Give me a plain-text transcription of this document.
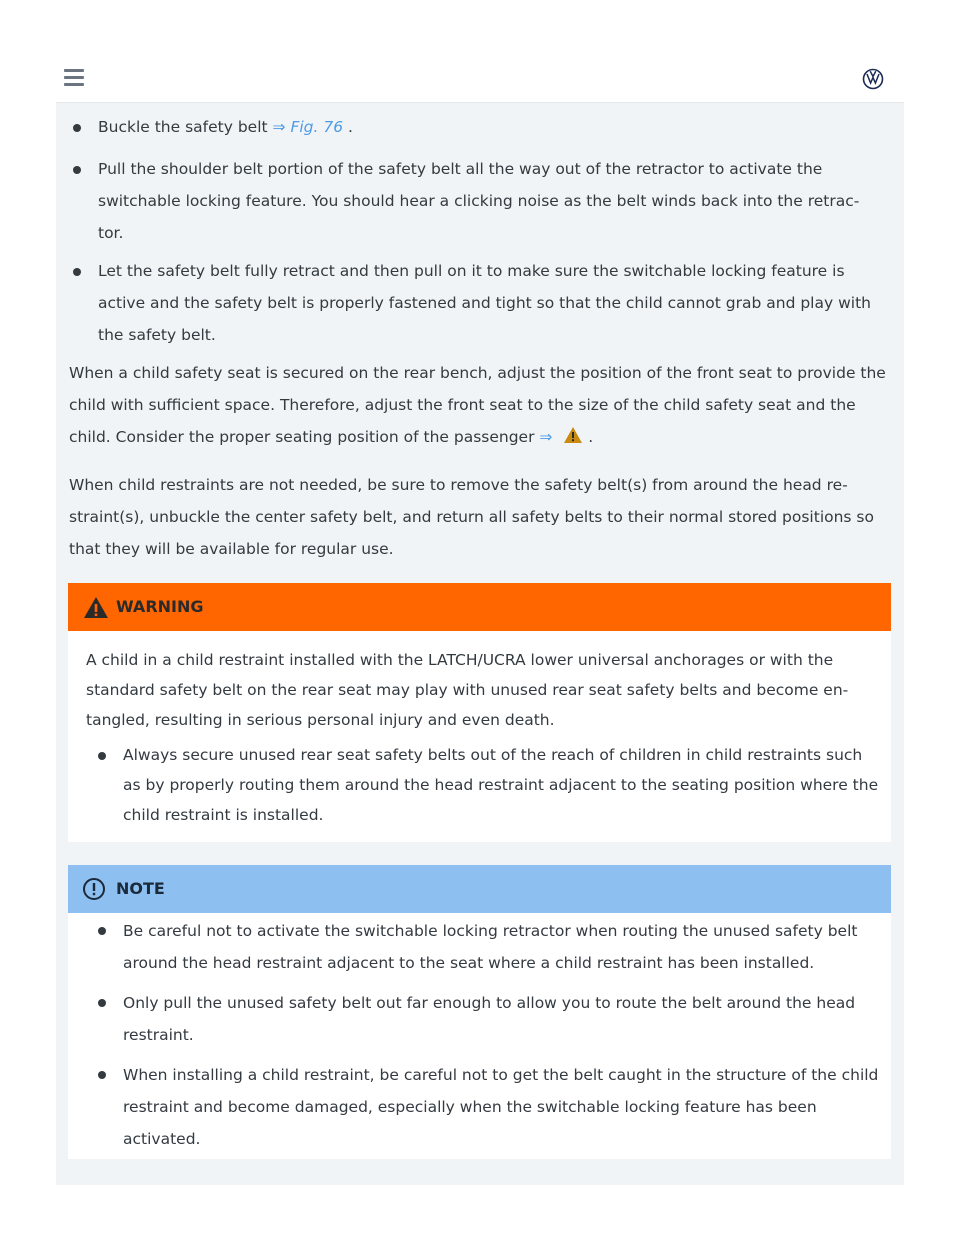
Buckle the safety belt ⇒ Fig. 76 .
Pull the shoulder belt portion of the safety belt all the way out of the retractor to activate the switchable locking feature. You should hear a clicking noise as the belt winds back into the retrac-tor.
Let the safety belt fully retract and then pull on it to make sure the switchable locking feature is active and the safety belt is properly fastened and tight so that the child cannot grab and play with the safety belt.
When a child safety seat is secured on the rear bench, adjust the position of the front seat to provide the child with sufficient space. Therefore, adjust the front seat to the size of the child safety seat and the child. Consider the proper seating position of the passenger ⇒  .
When child restraints are not needed, be sure to remove the safety belt(s) from around the head re-straint(s), unbuckle the center safety belt, and return all safety belts to their normal stored positions so that they will be available for regular use.
WARNING
A child in a child restraint installed with the LATCH/UCRA lower universal anchorages or with the standard safety belt on the rear seat may play with unused rear seat safety belts and become en-tangled, resulting in serious personal injury and even death.
Always secure unused rear seat safety belts out of the reach of children in child restraints such as by properly routing them around the head restraint adjacent to the seating position where the child restraint is installed.
NOTE
Be careful not to activate the switchable locking retractor when routing the unused safety belt around the head restraint adjacent to the seat where a child restraint has been installed.
Only pull the unused safety belt out far enough to allow you to route the belt around the head restraint.
When installing a child restraint, be careful not to get the belt caught in the structure of the child restraint and become damaged, especially when the switchable locking feature has been activated.
